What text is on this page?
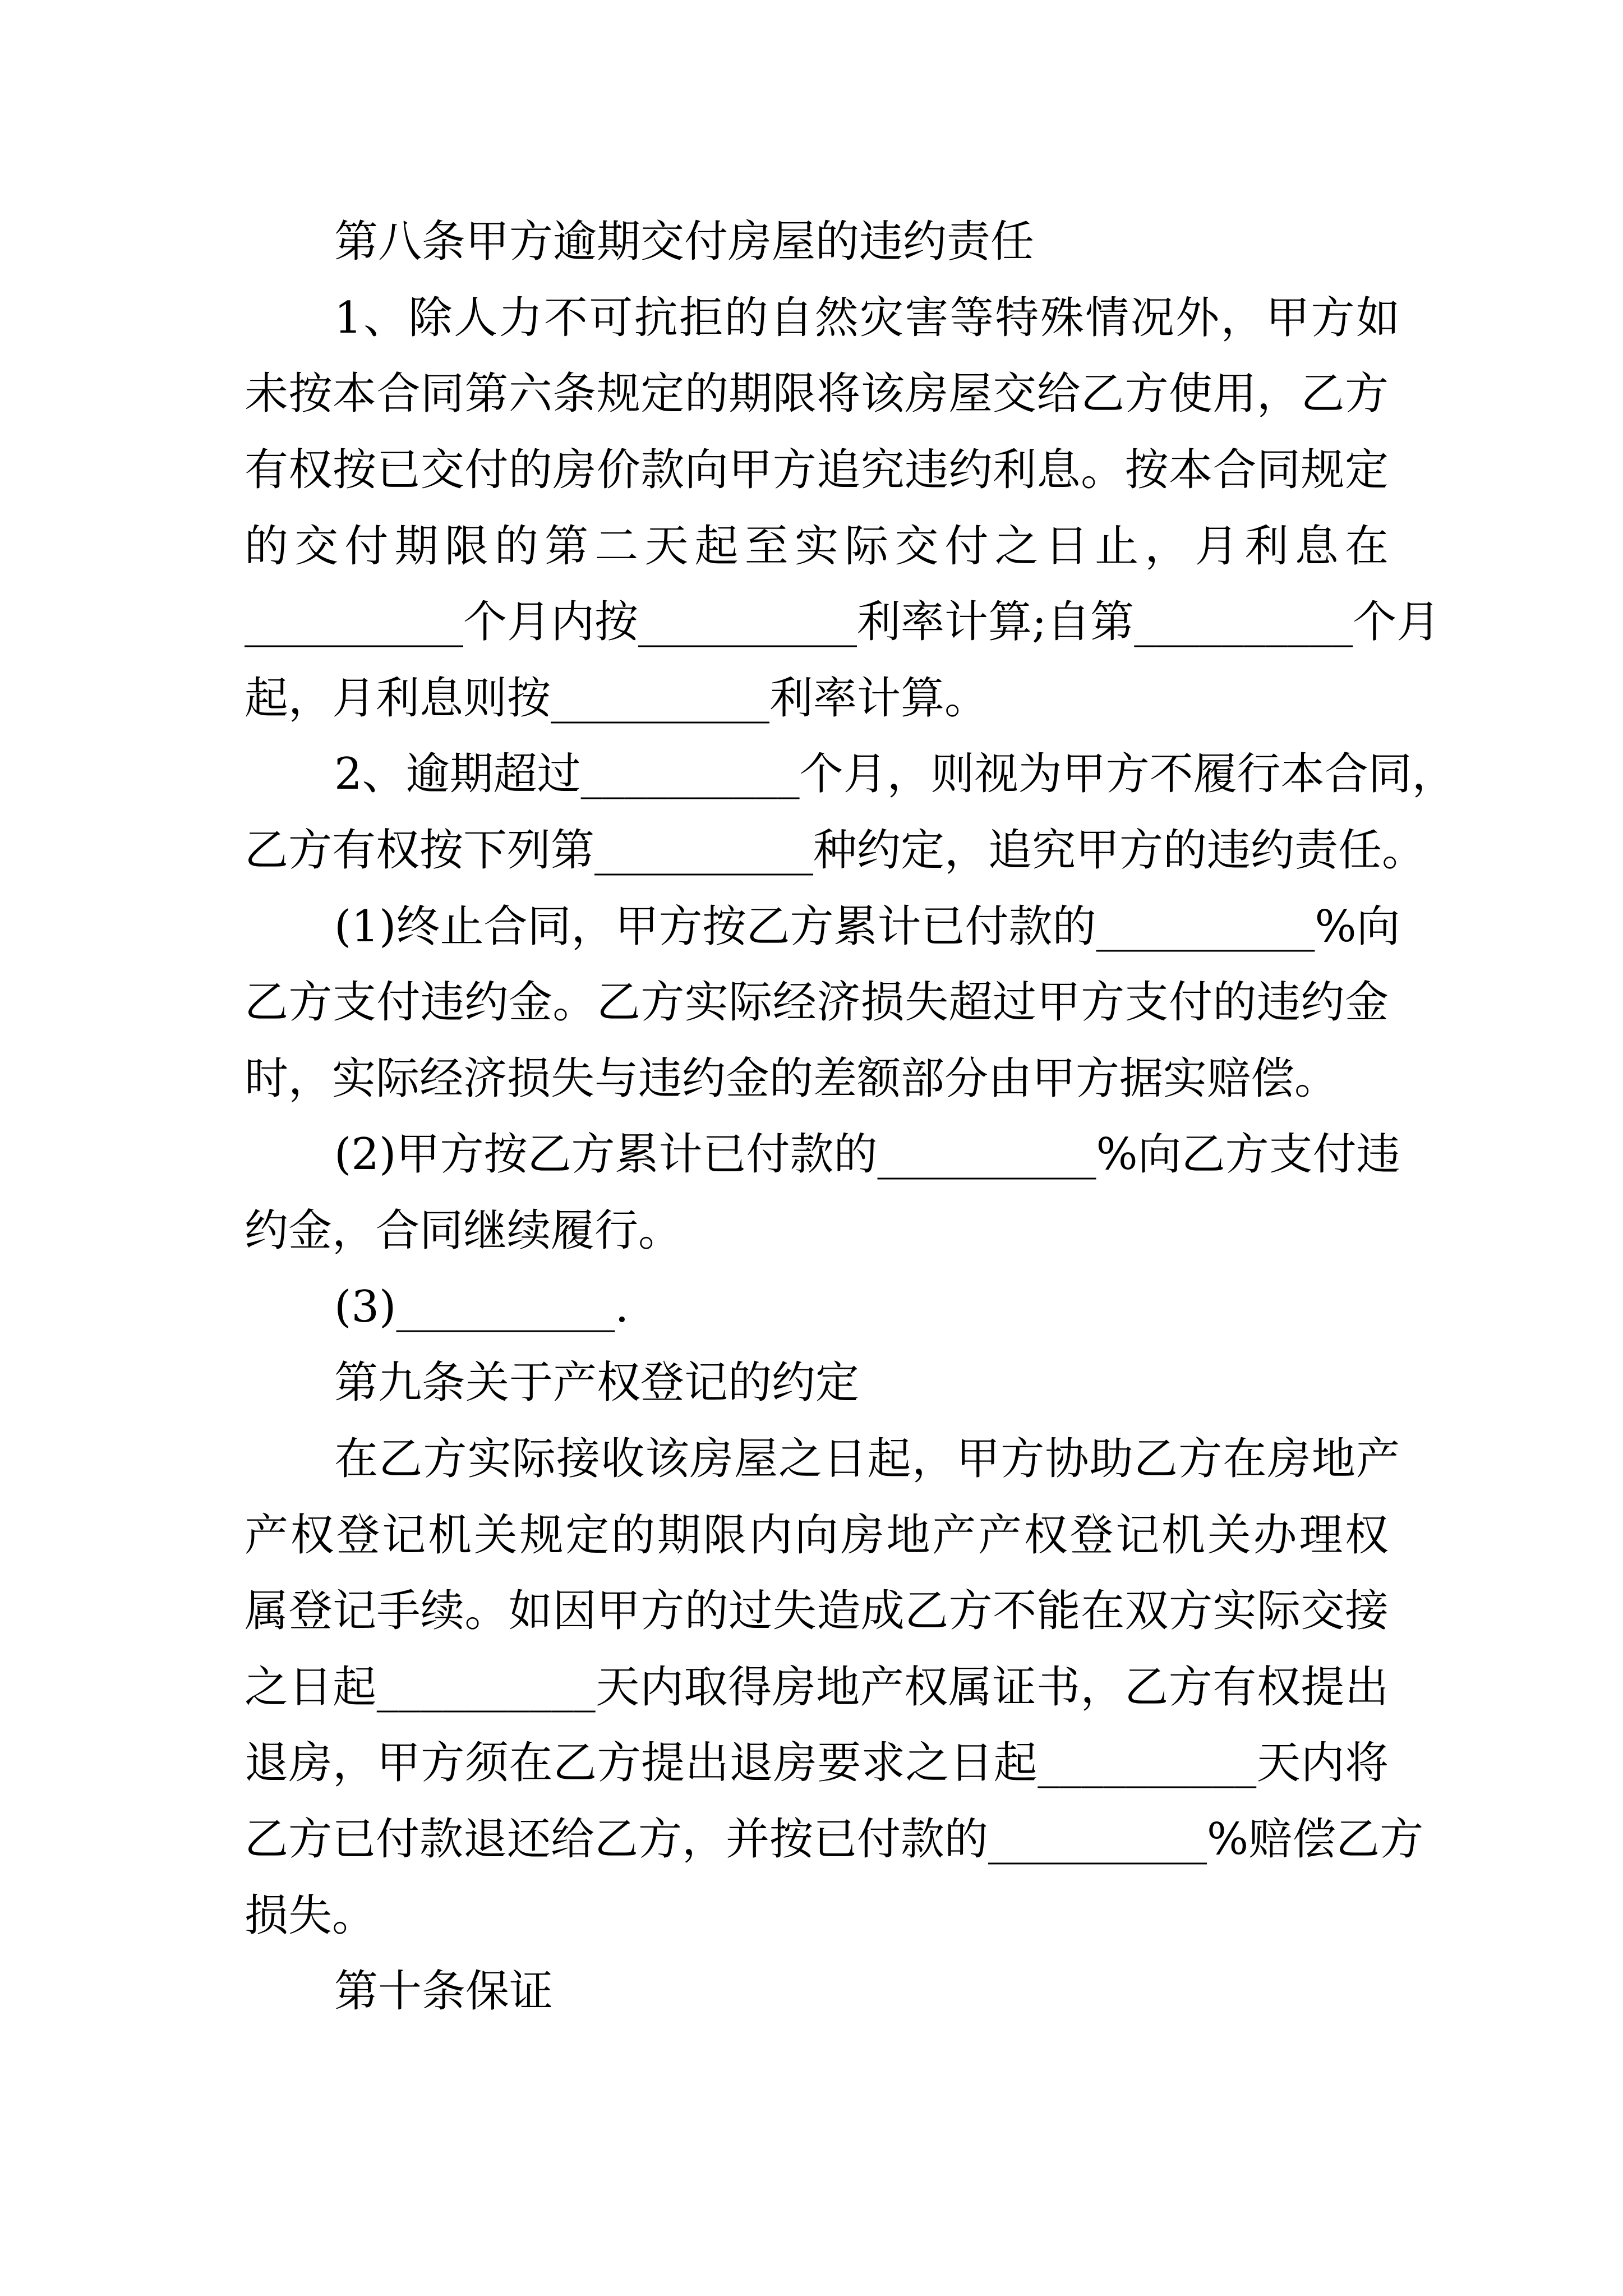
第八条甲方逾期交付房屋的违约责任
1、除人力不可抗拒的自然灾害等特殊情况外，甲方如
未按本合同第六条规定的期限将该房屋交给乙方使用，乙方
有权按已交付的房价款向甲方追究违约利息。按本合同规定
的交付期限的第二天起至实际交付之日止，月利息在
__________个月内按__________利率计算;自第__________个月
起，月利息则按__________利率计算。
2、逾期超过__________个月，则视为甲方不履行本合同，
乙方有权按下列第__________种约定，追究甲方的违约责任。
(1)终止合同，甲方按乙方累计已付款的__________%向
乙方支付违约金。乙方实际经济损失超过甲方支付的违约金
时，实际经济损失与违约金的差额部分由甲方据实赔偿。
(2)甲方按乙方累计已付款的__________%向乙方支付违
约金，合同继续履行。
(3)__________.
第九条关于产权登记的约定
在乙方实际接收该房屋之日起，甲方协助乙方在房地产
产权登记机关规定的期限内向房地产产权登记机关办理权
属登记手续。如因甲方的过失造成乙方不能在双方实际交接
之日起__________天内取得房地产权属证书，乙方有权提出
退房，甲方须在乙方提出退房要求之日起__________天内将
乙方已付款退还给乙方，并按已付款的__________%赔偿乙方
损失。
第十条保证
